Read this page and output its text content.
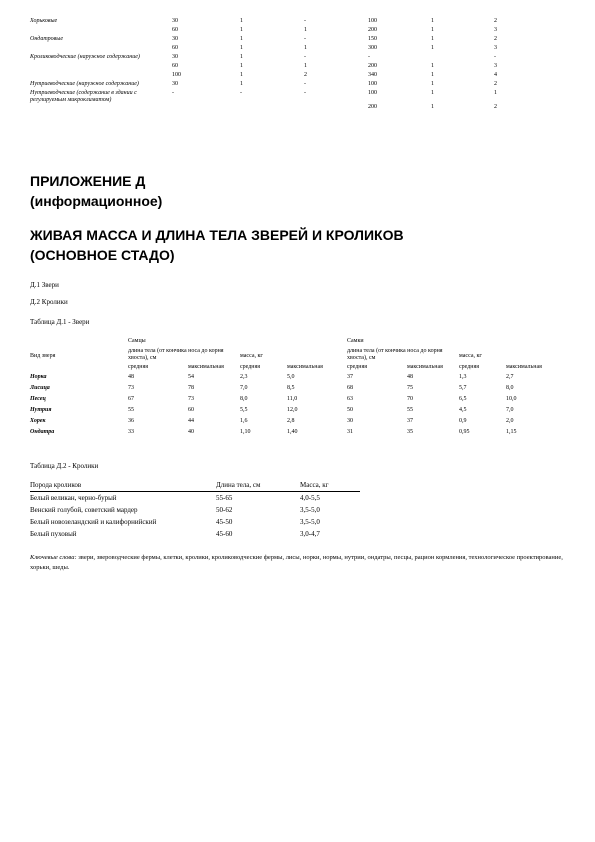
Хорьковые	30	1	-	100	1	2
	60	1	1	200	1	3
Ондатровые	30	1	-	150	1	2
	60	1	1	300	1	3
Кролиководческие (наружное содержание)	30	1	-	-		-
	60	1	1	200	1	3
	100	1	2	340	1	4
Нутриеводческие (наружное содержание)	30	1	-	100	1	2
Нутриеводческие (содержание в здании с регулируемым микроклиматом)	-	-	-	100	1	1
				200	1	2
ПРИЛОЖЕНИЕ Д
(информационное)
ЖИВАЯ МАССА И ДЛИНА ТЕЛА ЗВЕРЕЙ И КРОЛИКОВ
(ОСНОВНОЕ СТАДО)
Д.1 Звери
Д.2 Кролики
Таблица Д.1 - Звери
	Самцы				Самки			
Вид зверя	длина тела (от кончика носа до корня хвоста), см		масса, кг		длина тела (от кончика носа до корня хвоста), см		масса, кг	
	средняя	максимальная	средняя	максимальная	средняя	максимальная	средняя	максимальная
Норка	48	54	2,3	5,0	37	48	1,3	2,7
Лисица	73	78	7,0	8,5	68	75	5,7	8,0
Песец	67	73	8,0	11,0	63	70	6,5	10,0
Нутрия	55	60	5,5	12,0	50	55	4,5	7,0
Хорек	36	44	1,6	2,8	30	37	0,9	2,0
Ондатра	33	40	1,10	1,40	31	35	0,95	1,15
Таблица Д.2 - Кролики
Порода кроликов	Длина тела, см	Масса, кг
Белый великан, черно-бурый	55-65	4,0-5,5
Венский голубой, советский мардер	50-62	3,5-5,0
Белый новозеландский и калифорнийский	45-50	3,5-5,0
Белый пуховый	45-60	3,0-4,7
Ключевые слова: звери, звероводческие фермы, клетки, кролики, кролиководческие фермы, лисы, норки, нормы, нутрии, ондатры, песцы, рацион кормления, технологическое проектирование, хорьки, шеды.
